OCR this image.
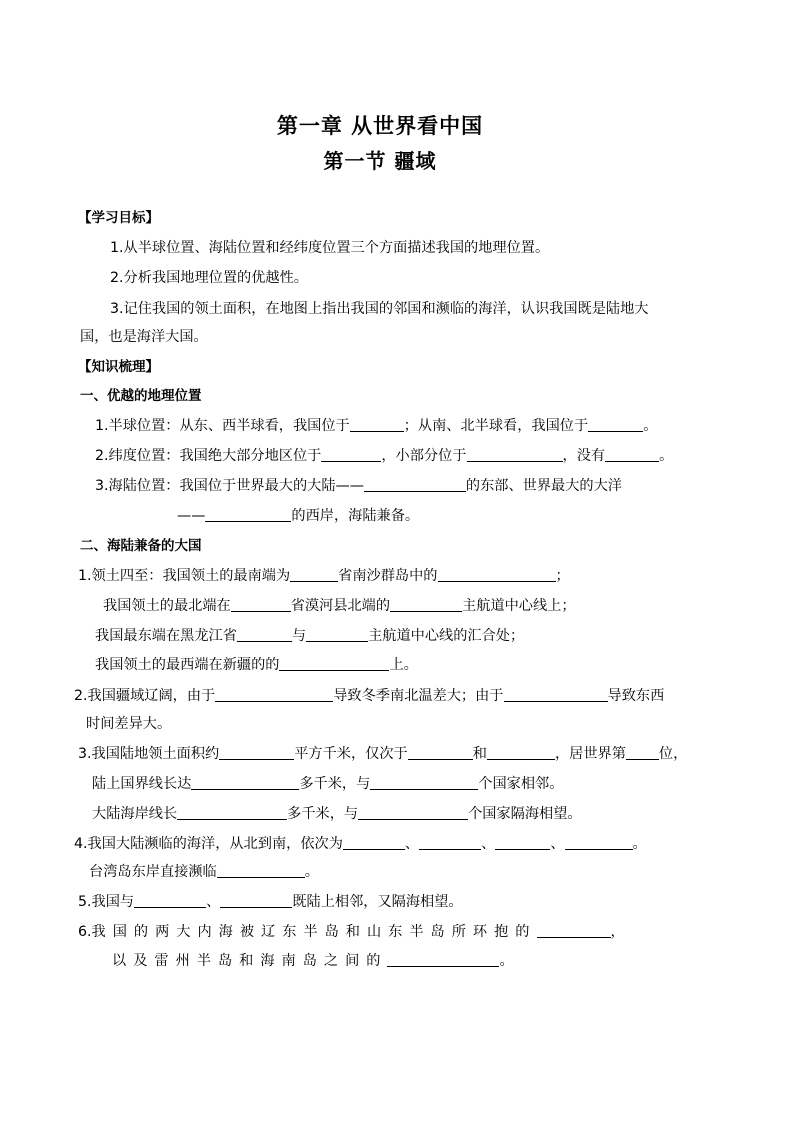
第一章 从世界看中国
第一节 疆域
【学习目标】
1.从半球位置、海陆位置和经纬度位置三个方面描述我国的地理位置。
2.分析我国地理位置的优越性。
3.记住我国的领土面积，在地图上指出我国的邻国和濒临的海洋，认识我国既是陆地大
国，也是海洋大国。
【知识梳理】
一、优越的地理位置
1.半球位置：从东、西半球看，我国位于	；从南、北半球看，我国位于	。
2.纬度位置：我国绝大部分地区位于	，小部分位于	，没有	。
3.海陆位置：我国位于世界最大的大陆——	的东部、世界最大的大洋
——	的西岸，海陆兼备。
二、海陆兼备的大国
1.领土四至：我国领土的最南端为	省南沙群岛中的	；
我国领土的最北端在	省漠河县北端的	主航道中心线上；
我国最东端在黑龙江省	与	主航道中心线的汇合处；
我国领土的最西端在新疆的的	上。
2.我国疆域辽阔，由于	导致冬季南北温差大；由于	导致东西
时间差异大。
3.我国陆地领土面积约	平方千米，仅次于	和	，居世界第 位，
陆上国界线长达	多千米，与	个国家相邻。
大陆海岸线长	多千米，与	个国家隔海相望。
4.我国大陆濒临的海洋，从北到南，依次为	、	、	、	。
台湾岛东岸直接濒临	。
5.我国与	、	既陆上相邻，又隔海相望。
6.我国的两大内海被辽东半岛和山东半岛所环抱的	，
以及雷州半岛和海南岛之间的	。
